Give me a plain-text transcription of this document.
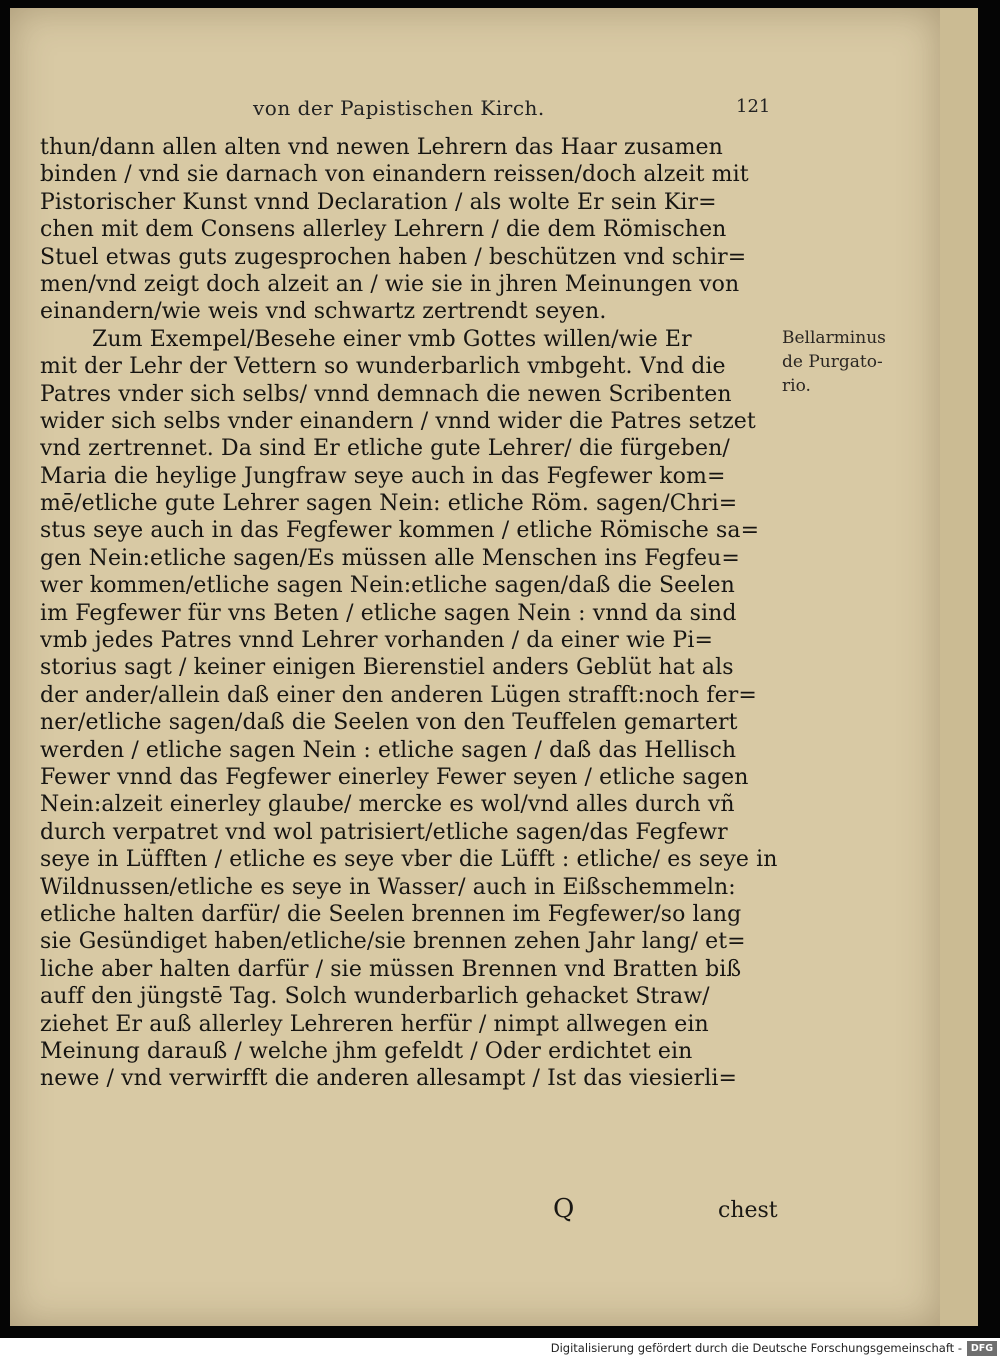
von der Papistischen Kirch.	121
thun/dann allen alten vnd newen Lehrern das Haar zusamen
binden / vnd sie darnach von einandern reissen/doch alzeit mit
Pistorischer Kunst vnnd Declaration / als wolte Er sein Kir=
chen mit dem Consens allerley Lehrern / die dem Römischen
Stuel etwas guts zugesprochen haben / beschützen vnd schir=
men/vnd zeigt doch alzeit an / wie sie in jhren Meinungen von
einandern/wie weis vnd schwartz zertrendt seyen.
Zum Exempel/Besehe einer vmb Gottes willen/wie Er
mit der Lehr der Vettern so wunderbarlich vmbgeht. Vnd die
Patres vnder sich selbs/ vnnd demnach die newen Scribenten
wider sich selbs vnder einandern / vnnd wider die Patres setzet
vnd zertrennet. Da sind Er etliche gute Lehrer/ die fürgeben/
Maria die heylige Jungfraw seye auch in das Fegfewer kom=
mē/etliche gute Lehrer sagen Nein: etliche Röm. sagen/Chri=
stus seye auch in das Fegfewer kommen / etliche Römische sa=
gen Nein:etliche sagen/Es müssen alle Menschen ins Fegfeu=
wer kommen/etliche sagen Nein:etliche sagen/daß die Seelen
im Fegfewer für vns Beten / etliche sagen Nein : vnnd da sind
vmb jedes Patres vnnd Lehrer vorhanden / da einer wie Pi=
storius sagt / keiner einigen Bierenstiel anders Geblüt hat als
der ander/allein daß einer den anderen Lügen strafft:noch fer=
ner/etliche sagen/daß die Seelen von den Teuffelen gemartert
werden / etliche sagen Nein : etliche sagen / daß das Hellisch
Fewer vnnd das Fegfewer einerley Fewer seyen / etliche sagen
Nein:alzeit einerley glaube/ mercke es wol/vnd alles durch vñ
durch verpatret vnd wol patrisiert/etliche sagen/das Fegfewr
seye in Lüfften / etliche es seye vber die Lüfft : etliche/ es seye in
Wildnussen/etliche es seye in Wasser/ auch in Eißschemmeln:
etliche halten darfür/ die Seelen brennen im Fegfewer/so lang
sie Gesündiget haben/etliche/sie brennen zehen Jahr lang/ et=
liche aber halten darfür / sie müssen Brennen vnd Bratten biß
auff den jüngstē Tag. Solch wunderbarlich gehacket Straw/
ziehet Er auß allerley Lehreren herfür / nimpt allwegen ein
Meinung darauß / welche jhm gefeldt / Oder erdichtet ein
newe / vnd verwirfft die anderen allesampt / Ist das viesierli=
Bellarminus
de Purgato-
rio.
Q	chest
Digitalisierung gefördert durch die Deutsche Forschungsgemeinschaft - DFG
